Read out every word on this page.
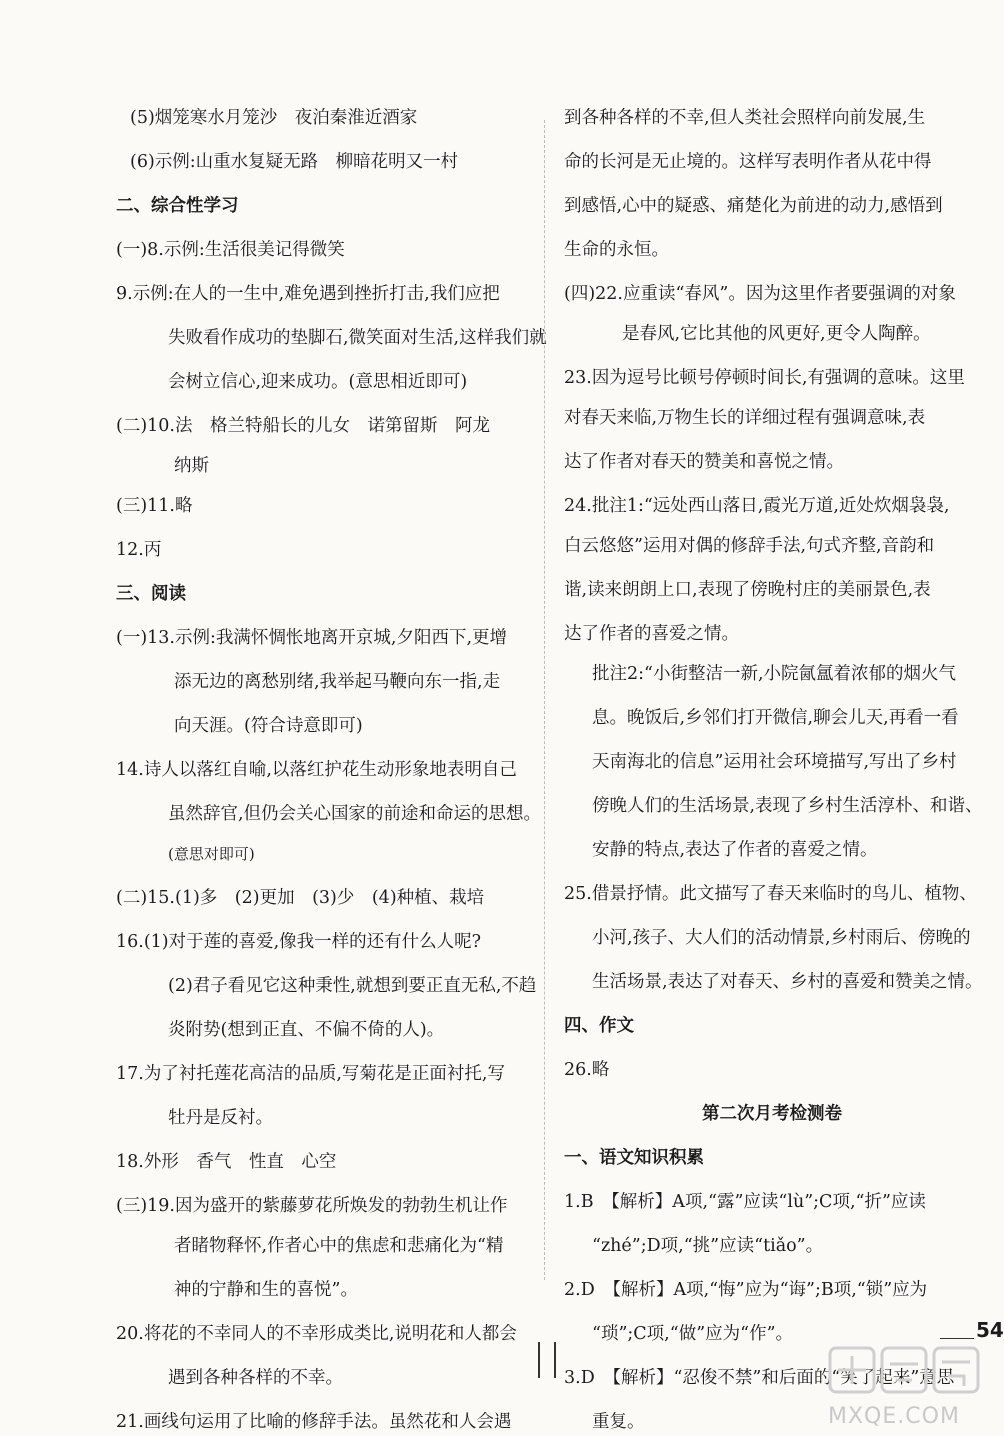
(5)烟笼寒水月笼沙　夜泊秦淮近酒家
(6)示例:山重水复疑无路　柳暗花明又一村
二、综合性学习
(一)8.示例:生活很美记得微笑
9.示例:在人的一生中,难免遇到挫折打击,我们应把
失败看作成功的垫脚石,微笑面对生活,这样我们就
会树立信心,迎来成功。(意思相近即可)
(二)10.法　格兰特船长的儿女　诺第留斯　阿龙
纳斯
(三)11.略
12.丙
三、阅读
(一)13.示例:我满怀惆怅地离开京城,夕阳西下,更增
添无边的离愁别绪,我举起马鞭向东一指,走
向天涯。(符合诗意即可)
14.诗人以落红自喻,以落红护花生动形象地表明自己
虽然辞官,但仍会关心国家的前途和命运的思想。
(意思对即可)
(二)15.(1)多　(2)更加　(3)少　(4)种植、栽培
16.(1)对于莲的喜爱,像我一样的还有什么人呢?
(2)君子看见它这种秉性,就想到要正直无私,不趋
炎附势(想到正直、不偏不倚的人)。
17.为了衬托莲花高洁的品质,写菊花是正面衬托,写
牡丹是反衬。
18.外形　香气　性直　心空
(三)19.因为盛开的紫藤萝花所焕发的勃勃生机让作
者睹物释怀,作者心中的焦虑和悲痛化为“精
神的宁静和生的喜悦”。
20.将花的不幸同人的不幸形成类比,说明花和人都会
遇到各种各样的不幸。
21.画线句运用了比喻的修辞手法。虽然花和人会遇
到各种各样的不幸,但人类社会照样向前发展,生
命的长河是无止境的。这样写表明作者从花中得
到感悟,心中的疑惑、痛楚化为前进的动力,感悟到
生命的永恒。
(四)22.应重读“春风”。因为这里作者要强调的对象
是春风,它比其他的风更好,更令人陶醉。
23.因为逗号比顿号停顿时间长,有强调的意味。这里
对春天来临,万物生长的详细过程有强调意味,表
达了作者对春天的赞美和喜悦之情。
24.批注1:“远处西山落日,霞光万道,近处炊烟袅袅,
白云悠悠”运用对偶的修辞手法,句式齐整,音韵和
谐,读来朗朗上口,表现了傍晚村庄的美丽景色,表
达了作者的喜爱之情。
批注2:“小街整洁一新,小院氤氲着浓郁的烟火气
息。晚饭后,乡邻们打开微信,聊会儿天,再看一看
天南海北的信息”运用社会环境描写,写出了乡村
傍晚人们的生活场景,表现了乡村生活淳朴、和谐、
安静的特点,表达了作者的喜爱之情。
25.借景抒情。此文描写了春天来临时的鸟儿、植物、
小河,孩子、大人们的活动情景,乡村雨后、傍晚的
生活场景,表达了对春天、乡村的喜爱和赞美之情。
四、作文
26.略
第二次月考检测卷
一、语文知识积累
1.B　【解析】A项,“露”应读“lù”;C项,“折”应读
“zhé”;D项,“挑”应读“tiǎo”。
2.D　【解析】A项,“悔”应为“诲”;B项,“锁”应为
“琐”;C项,“做”应为“作”。
3.D　【解析】“忍俊不禁”和后面的“笑了起来”意思
重复。
54
MXQE.COM
